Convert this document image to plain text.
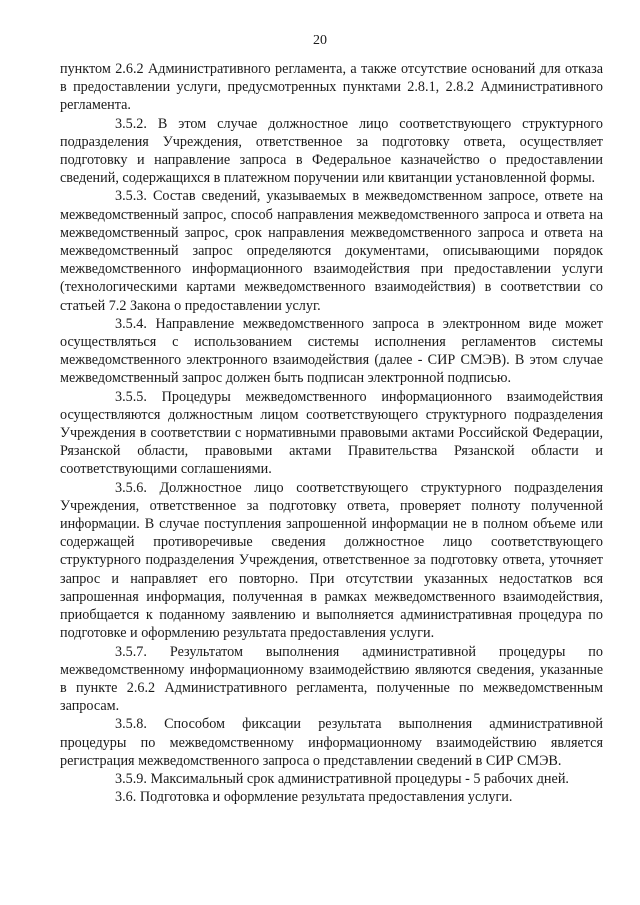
20

пунктом 2.6.2 Административного регламента, а также отсутствие оснований для отказа в предоставлении услуги, предусмотренных пунктами 2.8.1, 2.8.2 Административного регламента.

3.5.2. В этом случае должностное лицо соответствующего структурного подразделения Учреждения, ответственное за подготовку ответа, осуществляет подготовку и направление запроса в Федеральное казначейство о предоставлении сведений, содержащихся в платежном поручении или квитанции установленной формы.

3.5.3. Состав сведений, указываемых в межведомственном запросе, ответе на межведомственный запрос, способ направления межведомственного запроса и ответа на межведомственный запрос, срок направления межведомственного запроса и ответа на межведомственный запрос определяются документами, описывающими порядок межведомственного информационного взаимодействия при предоставлении услуги (технологическими картами межведомственного взаимодействия) в соответствии со статьей 7.2 Закона о предоставлении услуг.

3.5.4. Направление межведомственного запроса в электронном виде может осуществляться с использованием системы исполнения регламентов системы межведомственного электронного взаимодействия (далее - СИР СМЭВ). В этом случае межведомственный запрос должен быть подписан электронной подписью.

3.5.5. Процедуры межведомственного информационного взаимодействия осуществляются должностным лицом соответствующего структурного подразделения Учреждения в соответствии с нормативными правовыми актами Российской Федерации, Рязанской области, правовыми актами Правительства Рязанской области и соответствующими соглашениями.

3.5.6. Должностное лицо соответствующего структурного подразделения Учреждения, ответственное за подготовку ответа, проверяет полноту полученной информации. В случае поступления запрошенной информации не в полном объеме или содержащей противоречивые сведения должностное лицо соответствующего структурного подразделения Учреждения, ответственное за подготовку ответа, уточняет запрос и направляет его повторно. При отсутствии указанных недостатков вся запрошенная информация, полученная в рамках межведомственного взаимодействия, приобщается к поданному заявлению и выполняется административная процедура по подготовке и оформлению результата предоставления услуги.

3.5.7. Результатом выполнения административной процедуры по межведомственному информационному взаимодействию являются сведения, указанные в пункте 2.6.2 Административного регламента, полученные по межведомственным запросам.

3.5.8. Способом фиксации результата выполнения административной процедуры по межведомственному информационному взаимодействию является регистрация межведомственного запроса о представлении сведений в СИР СМЭВ.

3.5.9. Максимальный срок административной процедуры - 5 рабочих дней.

3.6. Подготовка и оформление результата предоставления услуги.
